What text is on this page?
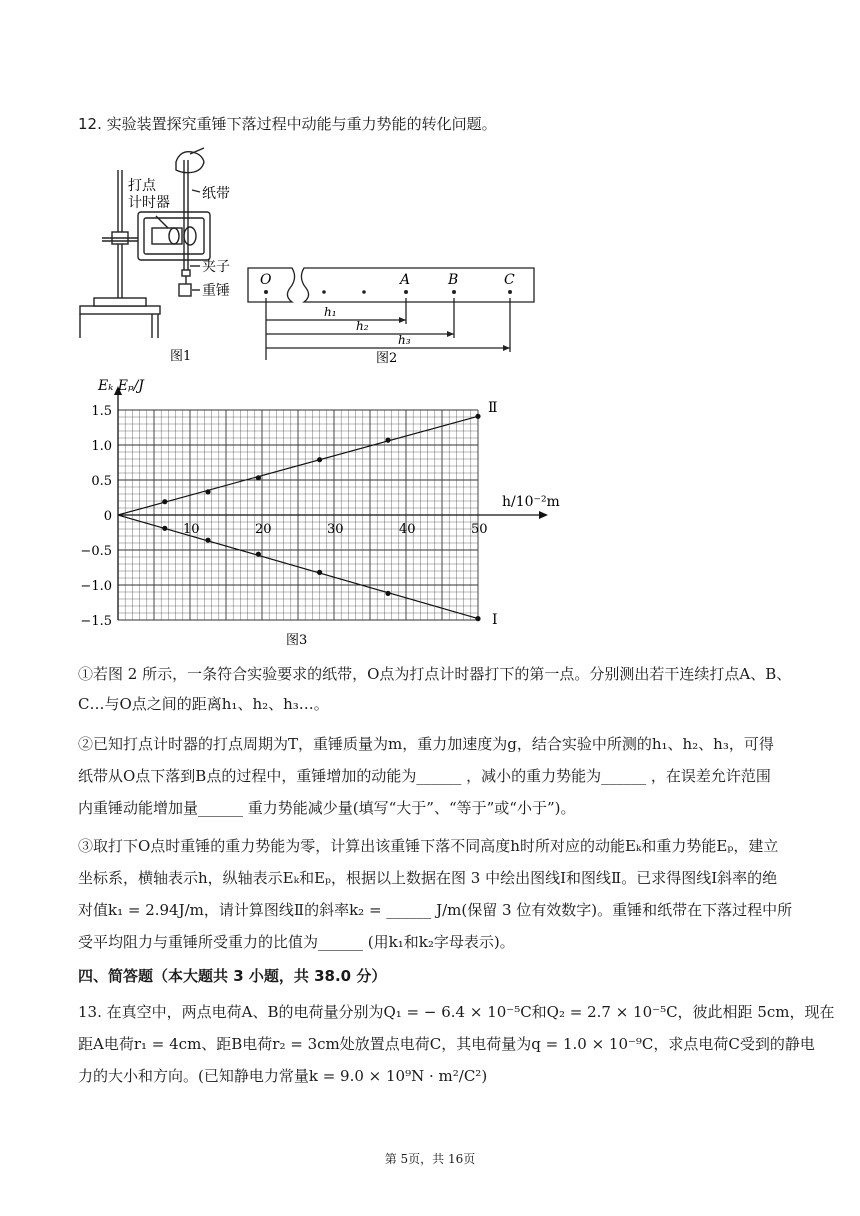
12. 实验装置探究重锤下落过程中动能与重力势能的转化问题。
打点
计时器
纸带
夹子
重锤
图1
O	A	B	C
h₁
h₂
h₃
图2
10	20	30	40	50
1.5
1.0
0.5
0
−0.5
−1.0
−1.5
Eₖ Eₚ/J
h/10⁻²m
Ⅱ
Ⅰ
图3
①若图 2 所示，一条符合实验要求的纸带，O点为打点计时器打下的第一点。分别测出若干连续打点A、B、
C…与O点之间的距离h₁、h₂、h₃…。
②已知打点计时器的打点周期为T，重锤质量为m，重力加速度为g，结合实验中所测的h₁、h₂、h₃，可得
纸带从O点下落到B点的过程中，重锤增加的动能为______ ，减小的重力势能为______ ，在误差允许范围
内重锤动能增加量______ 重力势能减少量(填写“大于”、“等于”或“小于”)。
③取打下O点时重锤的重力势能为零，计算出该重锤下落不同高度h时所对应的动能Eₖ和重力势能Eₚ，建立
坐标系，横轴表示h，纵轴表示Eₖ和Eₚ，根据以上数据在图 3 中绘出图线Ⅰ和图线Ⅱ。已求得图线Ⅰ斜率的绝
对值k₁ = 2.94J/m，请计算图线Ⅱ的斜率k₂ = ______ J/m(保留 3 位有效数字)。重锤和纸带在下落过程中所
受平均阻力与重锤所受重力的比值为______ (用k₁和k₂字母表示)。
四、简答题（本大题共 3 小题，共 38.0 分）
13. 在真空中，两点电荷A、B的电荷量分别为Q₁ = − 6.4 × 10⁻⁵C和Q₂ = 2.7 × 10⁻⁵C，彼此相距 5cm，现在
距A电荷r₁ = 4cm、距B电荷r₂ = 3cm处放置点电荷C，其电荷量为q = 1.0 × 10⁻⁹C，求点电荷C受到的静电
力的大小和方向。(已知静电力常量k = 9.0 × 10⁹N · m²/C²)
第 5页，共 16页
